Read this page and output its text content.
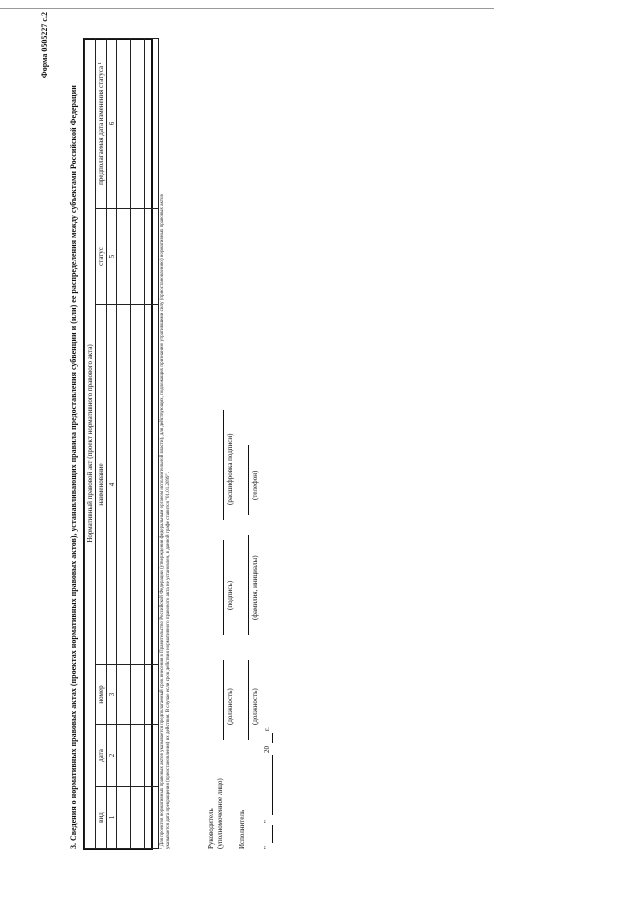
Форма 0505227 с.2
3. Сведения о нормативных правовых актах (проектах нормативных правовых актов), устанавливающих правила предоставления субвенции и (или) ее распределения между субъектами Российской Федерации Нормативный правовой акт (проект нормативного правового акта)					
вид	дата	номер	наименование	статус	предполагаемая дата изменения статуса ¹
1	2	3	4	5	6

¹ Для проектов нормативных правовых актов указывается предполагаемый срок внесения в Правительство Российской Федерации (утверждения федеральным органом исполнительной власти), для действующих, подлежащих признанию утратившими силу (приостановлению) нормативных правовых актов указывается дата прекращения (приостановления) их действия. В случае если срок действия нормативного правового акта не установлен, в данной графе ставится "01.01.2099".	Руководитель (уполномоченное лицо)
(должность)
(подпись)
(расшифровка подписи)
Исполнитель
(должность)
(фамилия, инициалы)
(телефон)
"
"
20
г.
